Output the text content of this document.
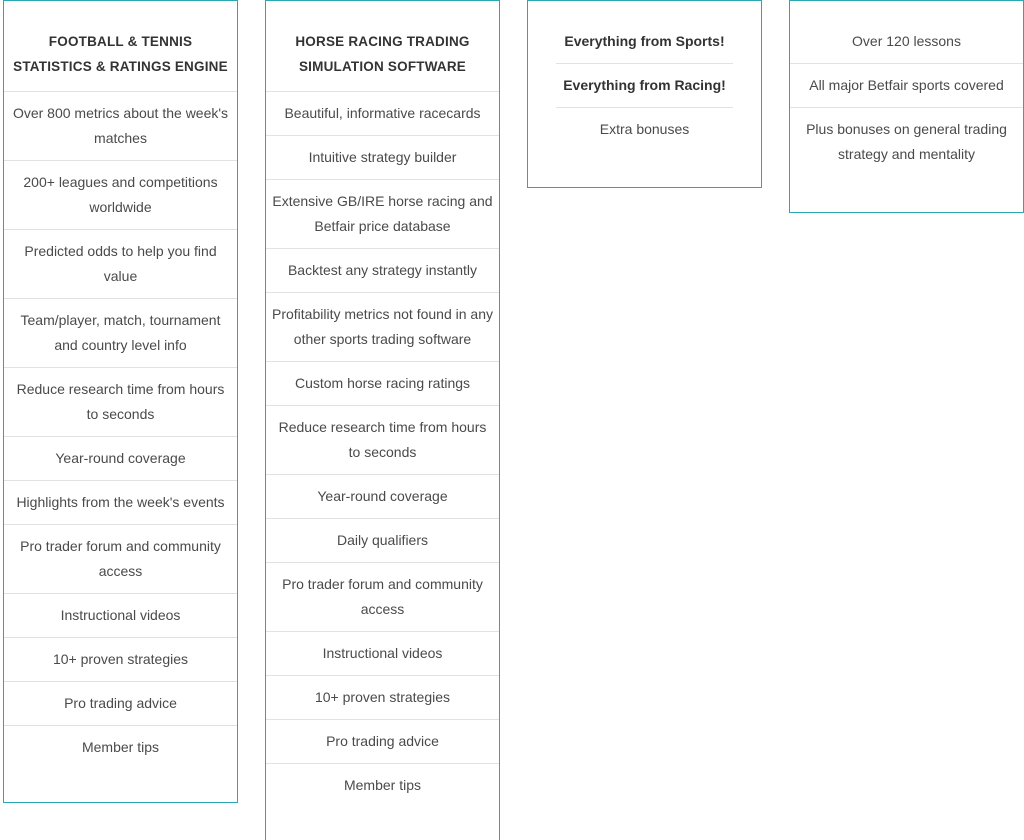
FOOTBALL & TENNIS
STATISTICS & RATINGS ENGINE
Over 800 metrics about the week's matches
200+ leagues and competitions worldwide
Predicted odds to help you find value
Team/player, match, tournament and country level info
Reduce research time from hours to seconds
Year-round coverage
Highlights from the week's events
Pro trader forum and community access
Instructional videos
10+ proven strategies
Pro trading advice
Member tips
HORSE RACING TRADING
SIMULATION SOFTWARE
Beautiful, informative racecards
Intuitive strategy builder
Extensive GB/IRE horse racing and Betfair price database
Backtest any strategy instantly
Profitability metrics not found in any other sports trading software
Custom horse racing ratings
Reduce research time from hours to seconds
Year-round coverage
Daily qualifiers
Pro trader forum and community access
Instructional videos
10+ proven strategies
Pro trading advice
Member tips
Everything from Sports!
Everything from Racing!
Extra bonuses
Over 120 lessons
All major Betfair sports covered
Plus bonuses on general trading strategy and mentality
